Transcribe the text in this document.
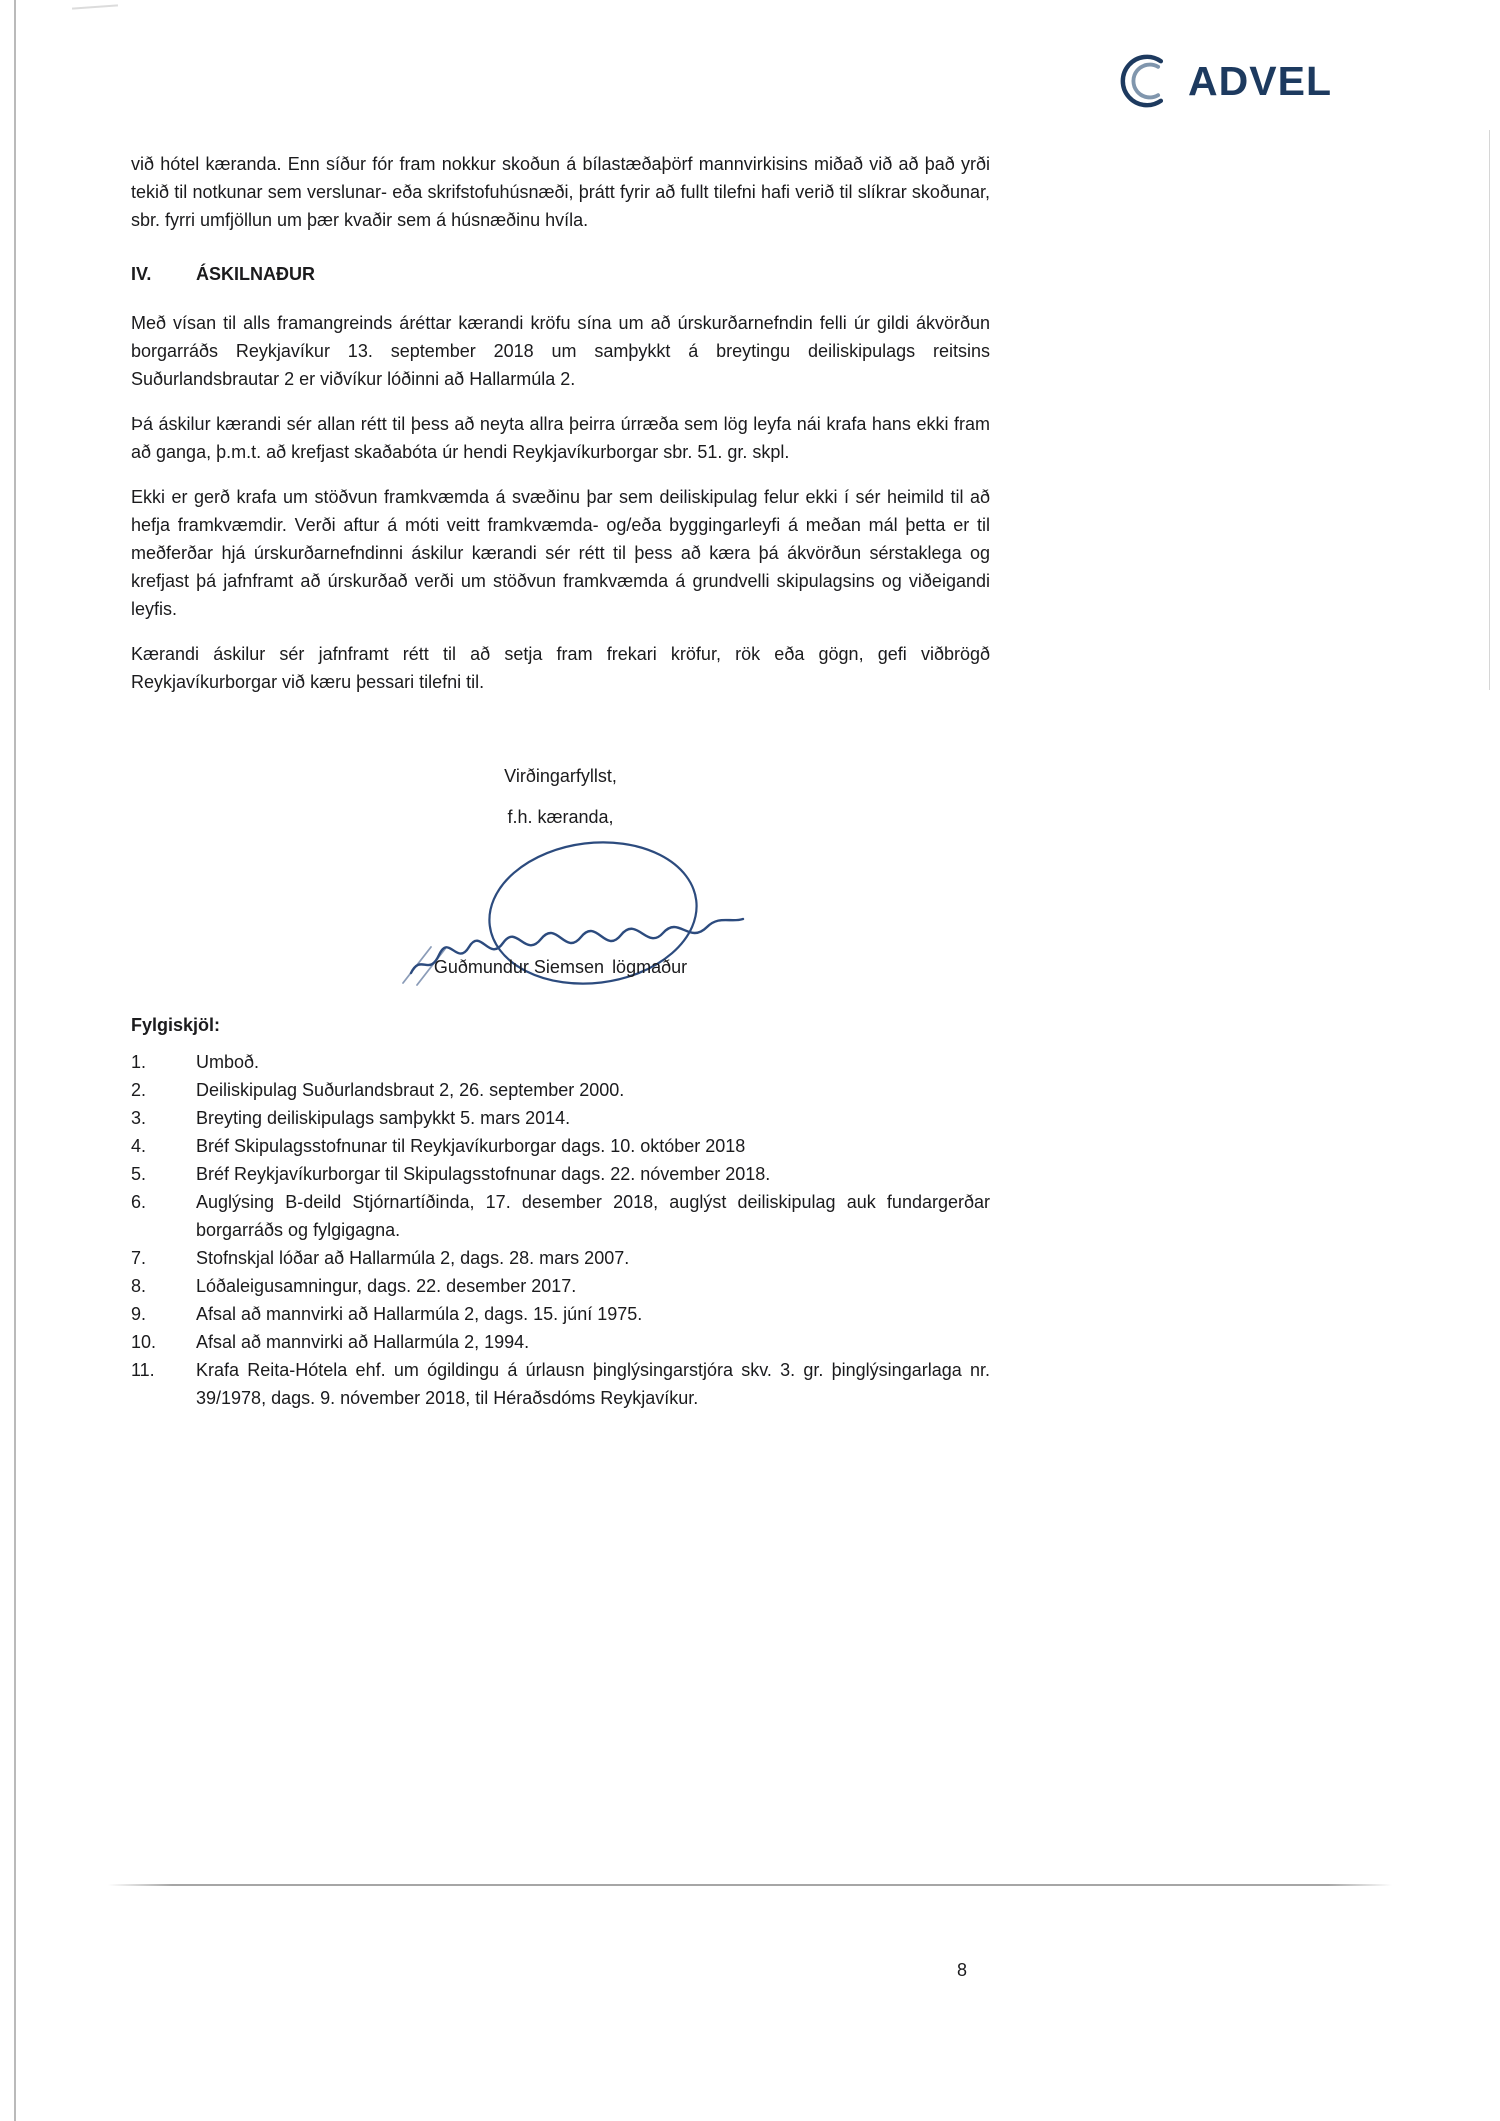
ADVEL

við hótel kæranda. Enn síður fór fram nokkur skoðun á bílastæðaþörf mannvirkisins miðað við að það yrði tekið til notkunar sem verslunar- eða skrifstofuhúsnæði, þrátt fyrir að fullt tilefni hafi verið til slíkrar skoðunar, sbr. fyrri umfjöllun um þær kvaðir sem á húsnæðinu hvíla.

IV.	ÁSKILNAÐUR

Með vísan til alls framangreinds áréttar kærandi kröfu sína um að úrskurðarnefndin felli úr gildi ákvörðun borgarráðs Reykjavíkur 13. september 2018 um samþykkt á breytingu deiliskipulags reitsins Suðurlandsbrautar 2 er viðvíkur lóðinni að Hallarmúla 2.

Þá áskilur kærandi sér allan rétt til þess að neyta allra þeirra úrræða sem lög leyfa nái krafa hans ekki fram að ganga, þ.m.t. að krefjast skaðabóta úr hendi Reykjavíkurborgar sbr. 51. gr. skpl.

Ekki er gerð krafa um stöðvun framkvæmda á svæðinu þar sem deiliskipulag felur ekki í sér heimild til að hefja framkvæmdir. Verði aftur á móti veitt framkvæmda- og/eða byggingarleyfi á meðan mál þetta er til meðferðar hjá úrskurðarnefndinni áskilur kærandi sér rétt til þess að kæra þá ákvörðun sérstaklega og krefjast þá jafnframt að úrskurðað verði um stöðvun framkvæmda á grundvelli skipulagsins og viðeigandi leyfis.

Kærandi áskilur sér jafnframt rétt til að setja fram frekari kröfur, rök eða gögn, gefi viðbrögð Reykjavíkurborgar við kæru þessari tilefni til.

Virðingarfyllst,
f.h. kæranda,
Guðmundur Siemsen lögmaður
Fylgiskjöl:
1.	Umboð.
2.	Deiliskipulag Suðurlandsbraut 2, 26. september 2000.
3.	Breyting deiliskipulags samþykkt 5. mars 2014.
4.	Bréf Skipulagsstofnunar til Reykjavíkurborgar dags. 10. október 2018
5.	Bréf Reykjavíkurborgar til Skipulagsstofnunar dags. 22. nóvember 2018.
6.	Auglýsing B-deild Stjórnartíðinda, 17. desember 2018, auglýst deiliskipulag auk fundargerðar borgarráðs og fylgigagna.
7.	Stofnskjal lóðar að Hallarmúla 2, dags. 28. mars 2007.
8.	Lóðaleigusamningur, dags. 22. desember 2017.
9.	Afsal að mannvirki að Hallarmúla 2, dags. 15. júní 1975.
10.	Afsal að mannvirki að Hallarmúla 2, 1994.
11.	Krafa Reita-Hótela ehf. um ógildingu á úrlausn þinglýsingarstjóra skv. 3. gr. þinglýsingarlaga nr. 39/1978, dags. 9. nóvember 2018, til Héraðsdóms Reykjavíkur.
8
